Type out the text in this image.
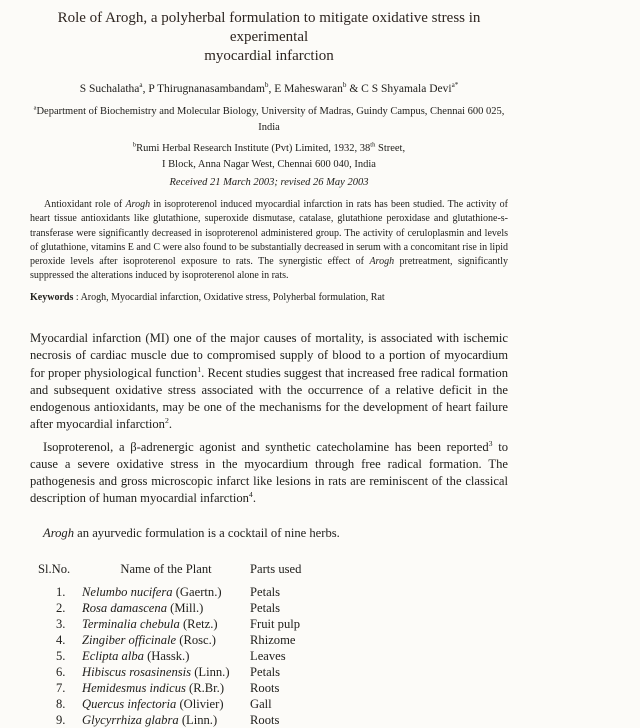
Role of Arogh, a polyherbal formulation to mitigate oxidative stress in experimental
myocardial infarction

S Suchalatha$^a$, P Thirugnanasambandam$^b$, E Maheswaran$^b$ & C S Shyamala Devi$^{a*}$

$^a$Department of Biochemistry and Molecular Biology, University of Madras, Guindy Campus, Chennai 600 025, India

$^b$Rumi Herbal Research Institute (Pvt) Limited, 1932, 38th Street,
I Block, Anna Nagar West, Chennai 600 040, India

Received 21 March 2003; revised 26 May 2003

Antioxidant role of Arogh in isoproterenol induced myocardial infarction in rats has been studied. The activity of heart tissue antioxidants like glutathione, superoxide dismutase, catalase, glutathione peroxidase and glutathione-s-transferase were significantly decreased in isoproterenol administered group. The activity of ceruloplasmin and levels of glutathione, vitamins E and C were also found to be substantially decreased in serum with a concomitant rise in lipid peroxide levels after isoproterenol exposure to rats. The synergistic effect of Arogh pretreatment, significantly suppressed the alterations induced by isoproterenol alone in rats.

Keywords : Arogh, Myocardial infarction, Oxidative stress, Polyherbal formulation, Rat

Myocardial infarction (MI) one of the major causes of mortality, is associated with ischemic necrosis of cardiac muscle due to compromised supply of blood to a portion of myocardium for proper physiological function$^1$. Recent studies suggest that increased free radical formation and subsequent oxidative stress associated with the occurrence of a relative deficit in the endogenous antioxidants, may be one of the mechanisms for the development of heart failure after myocardial infarction$^2$.

Isoproterenol, a β-adrenergic agonist and synthetic catecholamine has been reported$^3$ to cause a severe oxidative stress in the myocardium through free radical formation. The pathogenesis and gross microscopic infarct like lesions in rats are reminiscent of the classical description of human myocardial infarction$^4$.

Arogh an ayurvedic formulation is a cocktail of nine herbs.

Sl.No.	Name of the Plant	Parts used
1.	Nelumbo nucifera (Gaertn.)	Petals
2.	Rosa damascena (Mill.)	Petals
3.	Terminalia chebula (Retz.)	Fruit pulp
4.	Zingiber officinale (Rosc.)	Rhizome
5.	Eclipta alba (Hassk.)	Leaves
6.	Hibiscus rosasinensis (Linn.)	Petals
7.	Hemidesmus indicus (R.Br.)	Roots
8.	Quercus infectoria (Olivier)	Gall
9.	Glycyrrhiza glabra (Linn.)	Roots
